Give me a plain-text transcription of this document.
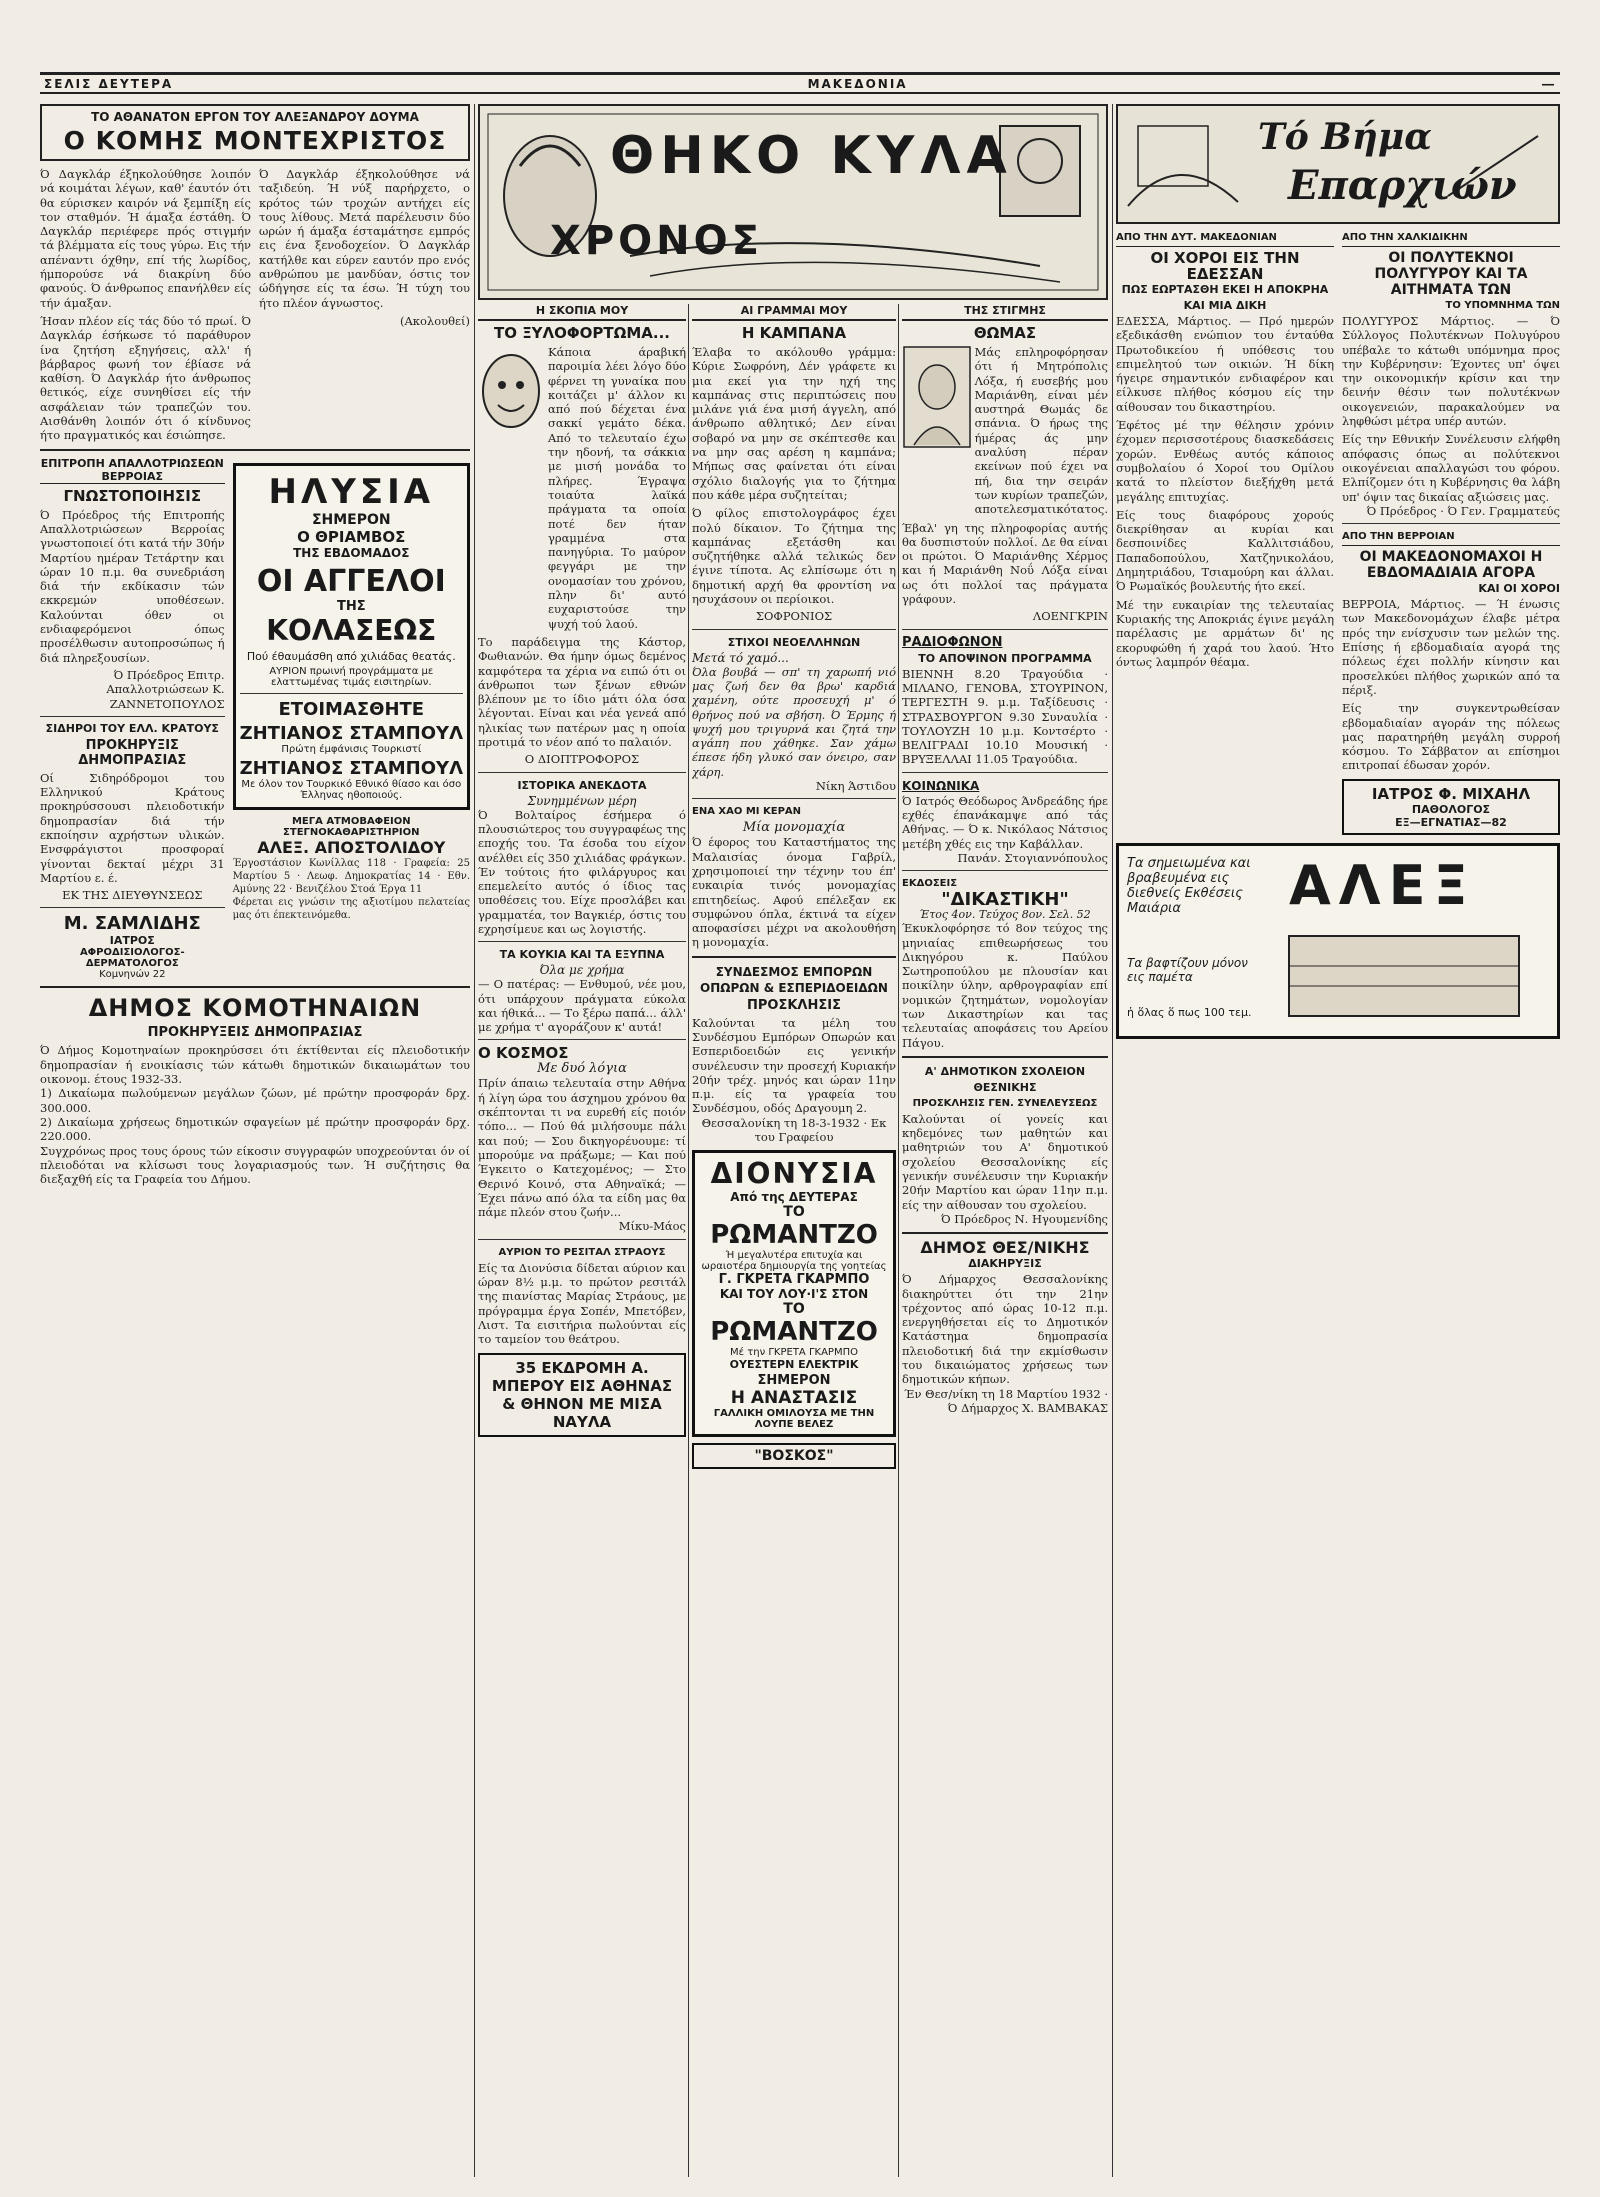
ΣΕΛΙΣ ΔΕΥΤΕΡΑ	ΜΑΚΕΔΟΝΙΑ	―
ΤΟ ΑΘΑΝΑΤΟΝ ΕΡΓΟΝ ΤΟΥ ΑΛΕΞΑΝΔΡΟΥ ΔΟΥΜΑ
Ο ΚΟΜΗΣ ΜΟΝΤΕΧΡΙΣΤΟΣ

Ό Δαγκλάρ έξηκολούθησε λοιπόν νά κοιμάται λέγων, καθ' έαυτόν ότι θα εύρισκεν καιρόν νά ξεμπίξη είς τον σταθμόν. Ή άμαξα έστάθη. Ό Δαγκλάρ περιέφερε πρός στιγμήν τά βλέμματα είς τους γύρω. Εις τήν απέναντι όχθην, επί τής λωρίδος, ήμπορούσε νά διακρίνη δύο φανούς. Ό άνθρωπος επανήλθεν είς τήν άμαξαν.

Ήσαν πλέον είς τάς δύο τό πρωί. Ό Δαγκλάρ έσήκωσε τό παράθυρον ίνα ζητήση εξηγήσεις, αλλ' ή βάρβαρος φωνή τον έβίασε νά καθίση. Ό Δαγκλάρ ήτο άνθρωπος θετικός, είχε συνηθίσει είς τήν ασφάλειαν τών τραπεζών του. Αισθάνθη λοιπόν ότι ό κίνδυνος ήτο πραγματικός και έσιώπησε.

Ό Δαγκλάρ έξηκολούθησε νά ταξιδεύη. Ή νύξ παρήρχετο, ο κρότος τών τροχών αντήχει είς τους λίθους. Μετά παρέλευσιν δύο ωρών ή άμαξα έσταμάτησε εμπρός εις ένα ξενοδοχείον. Ό Δαγκλάρ κατήλθε και εύρεν εαυτόν προ ενός ανθρώπου με μανδύαν, όστις τον ώδήγησε είς τα έσω. Ή τύχη του ήτο πλέον άγνωστος.

(Ακολουθεί)

ΕΠΙΤΡΟΠΗ ΑΠΑΛΛΟΤΡΙΩΣΕΩΝ ΒΕΡΡΟΙΑΣ
ΓΝΩΣΤΟΠΟΙΗΣΙΣ

Ό Πρόεδρος τής Επιτροπής Απαλλοτριώσεων Βερροίας γνωστοποιεί ότι κατά τήν 30ήν Μαρτίου ημέραν Τετάρτην και ώραν 10 π.μ. θα συνεδριάση διά τήν εκδίκασιν τών εκκρεμών υποθέσεων. Καλούνται όθεν οι ενδιαφερόμενοι όπως προσέλθωσιν αυτοπροσώπως ή διά πληρεξουσίων.

Ό Πρόεδρος Επιτρ. Απαλλοτριώσεων Κ. ΖΑΝΝΕΤΟΠΟΥΛΟΣ

ΣΙΔΗΡΟΙ ΤΟΥ ΕΛΛ. ΚΡΑΤΟΥΣ
ΠΡΟΚΗΡΥΞΙΣ ΔΗΜΟΠΡΑΣΙΑΣ

Οί Σιδηρόδρομοι του Ελληνικού Κράτους προκηρύσσουσι πλειοδοτικήν δημοπρασίαν διά τήν εκποίησιν αχρήστων υλικών. Ενσφράγιστοι προσφοραί γίνονται δεκταί μέχρι 31 Μαρτίου ε. έ.

ΕΚ ΤΗΣ ΔΙΕΥΘΥΝΣΕΩΣ

Μ. ΣΑΜΛΙΔΗΣ
ΙΑΤΡΟΣ
ΑΦΡΟΔΙΣΙΟΛΟΓΟΣ-ΔΕΡΜΑΤΟΛΟΓΟΣ
Κομνηνών 22
ΗΛΥΣΙΑ
ΣΗΜΕΡΟΝ
Ο ΘΡΙΑΜΒΟΣ
ΤΗΣ ΕΒΔΟΜΑΔΟΣ
ΟΙ ΑΓΓΕΛΟΙ
ΤΗΣ
ΚΟΛΑΣΕΩΣ
Πού έθαυμάσθη από χιλιάδας θεατάς.
ΑΥΡΙΟΝ πρωινή προγράμματα με ελαττωμένας τιμάς εισιτηρίων.
ΕΤΟΙΜΑΣΘΗΤΕ
ΖΗΤΙΑΝΟΣ ΣΤΑΜΠΟΥΛ
Πρώτη έμφάνισις Τουρκιστί
ΖΗΤΙΑΝΟΣ ΣΤΑΜΠΟΥΛ
Με όλον τον Τουρκικό Εθνικό θίασο και όσο Έλληνας ηθοποιούς.
ΜΕΓΑ ΑΤΜΟΒΑΦΕΙΟΝ
ΣΤΕΓΝΟΚΑΘΑΡΙΣΤΗΡΙΟΝ
ΑΛΕΞ. ΑΠΟΣΤΟΛΙΔΟΥ

Έργοστάσιον Κωνίλλας 118 · Γραφεία: 25 Μαρτίου 5 · Λεωφ. Δημοκρατίας 14 · Εθν. Αμύνης 22 · Βενιζέλου Στοά Έργα 11

Φέρεται εις γνώσιν της αξιοτίμου πελατείας μας ότι έπεκτεινόμεθα.

ΔΗΜΟΣ ΚΟΜΟΤΗΝΑΙΩΝ
ΠΡΟΚΗΡΥΞΕΙΣ ΔΗΜΟΠΡΑΣΙΑΣ

Ό Δήμος Κομοτηναίων προκηρύσσει ότι έκτίθενται είς πλειοδοτικήν δημοπρασίαν ή ενοικίασις τών κάτωθι δημοτικών δικαιωμάτων του οικονομ. έτους 1932-33.

1) Δικαίωμα πωλούμενων μεγάλων ζώων, μέ πρώτην προσφοράν δρχ. 300.000.

2) Δικαίωμα χρήσεως δημοτικών σφαγείων μέ πρώτην προσφοράν δρχ. 220.000.

Συγχρόνως προς τους όρους τών είκοσιν συγγραφών υποχρεούνται όν οί πλειοδόται να κλίσωσι τους λογαριασμούς των. Ή συζήτησις θα διεξαχθή είς τα Γραφεία του Δήμου.

ΘΗΚΟ ΚΥΛΑ
ΧΡΟΝΟΣ
Η ΣΚΟΠΙΑ ΜΟΥ
ΤΟ ΞΥΛΟΦΟΡΤΩΜΑ...

Κάποια άραβική παροιμία λέει λόγο δύο φέρνει τη γυναίκα που κοιτάζει μ' άλλον κι από πού δέχεται ένα σακκί γεμάτο δέκα. Από το τελευταίο έχω την ηδονή, τα σάκκια με μισή μονάδα το πλήρες. Έγραψα τοιαύτα λαϊκά πράγματα τα οποία ποτέ δεν ήταν γραμμένα στα πανηγύρια. Το μαύρον φεγγάρι με την ονομασίαν του χρόνου, πλην δι' αυτό ευχαριστούσε την ψυχή τού λαού.

Το παράδειγμα της Κάστορ, Φωθιανών. Θα ήμην όμως δεμένος καμφότερα τα χέρια να ειπώ ότι οι άνθρωποι των ξένων εθνών βλέπουν με το ίδιο μάτι όλα όσα λέγονται. Είναι και νέα γενεά από ηλικίας των πατέρων μας η οποία προτιμά το νέον από το παλαιόν.

Ο ΔΙΟΠΤΡΟΦΟΡΟΣ

ΙΣΤΟΡΙΚΑ ΑΝΕΚΔΟΤΑ
Συνημμένων μέρη

Ό Βολταίρος έσήμερα ό πλουσιώτερος του συγγραφέως της εποχής του. Τα έσοδα του είχον ανέλθει είς 350 χιλιάδας φράγκων. Έν τούτοις ήτο φιλάργυρος και επεμελείτο αυτός ό ίδιος τας υποθέσεις του. Είχε προσλάβει και γραμματέα, τον Βαγκιέρ, όστις του εχρησίμευε και ως λογιστής.

ΤΑ ΚΟΥΚΙΑ ΚΑΙ ΤΑ ΕΞΥΠΝΑ
Όλα με χρήμα

— Ο πατέρας: — Ενθυμού, νέε μου, ότι υπάρχουν πράγματα εύκολα και ήθικά... — Το ξέρω παπά... άλλ' με χρήμα τ' αγοράζουν κ' αυτά!

Ο ΚΟΣΜΟΣ
Με δυό λόγια

Πρίν άπαιω τελευταία στην Αθήνα ή λίγη ώρα του άσχημου χρόνου θα σκέπτονται τι να ευρεθή είς ποιόν τόπο... — Πού θά μιλήσουμε πάλι και πού; — Σου δικηγορέυουμε: τί μπορούμε να πράξωμε; — Και πού Έγκειτο ο Κατεχομένος; — Στο Θερινό Κοινό, στα Αθηναϊκά; — Έχει πάνω από όλα τα είδη μας θα πάμε πλεόν στου ζωήν...

Μίκυ-Μάος

ΑΥΡΙΟΝ ΤΟ ΡΕΣΙΤΑΛ ΣΤΡΑΟΥΣ

Είς τα Διονύσια δίδεται αύριον και ώραν 8½ μ.μ. το πρώτον ρεσιτάλ της πιανίστας Μαρίας Στράους, με πρόγραμμα έργα Σοπέν, Μπετόβεν, Λιστ. Τα εισιτήρια πωλούνται είς το ταμείον του θεάτρου.

35 ΕΚΔΡΟΜΗ Α. ΜΠΕΡΟΥ ΕΙΣ ΑΘΗΝΑΣ & ΘΗΝΟΝ ΜΕ ΜΙΣΑ ΝΑΥΛΑ
ΑΙ ΓΡΑΜΜΑΙ ΜΟΥ
Η ΚΑΜΠΑΝΑ

Έλαβα το ακόλουθο γράμμα: Κύριε Σωφρόνη, Δέν γράφετε κι μια εκεί για την ηχή της καμπάνας στις περιπτώσεις που μιλάνε γιά ένα μισή άγγελη, από άνθρωπο αθλητικό; Δεν είναι σοβαρό να μην σε σκέπτεσθε και να μην σας αρέση η καμπάνα; Μήπως σας φαίνεται ότι είναι σχόλιο διαλογής για το ζήτημα που κάθε μέρα συζητείται;

Ό φίλος επιστολογράφος έχει πολύ δίκαιον. Το ζήτημα της καμπάνας εξετάσθη και συζητήθηκε αλλά τελικώς δεν έγινε τίποτα. Ας ελπίσωμε ότι η δημοτική αρχή θα φροντίση να ησυχάσουν οι περίοικοι.

ΣΟΦΡΟΝΙΟΣ

ΣΤΙΧΟΙ ΝΕΟΕΛΛΗΝΩΝ
Μετά τό χαμό...

Όλα βουβά — σπ' τη χαρωπή νιό μας ζωή δεν θα βρω' καρδιά χαμένη, ούτε προσευχή μ' ό θρήνος πού να σβήση. Ό Έρμης ή ψυχή μου τριγυρνά και ζητά την αγάπη που χάθηκε. Σαν χάμω έπεσε ήδη γλυκό σαν όνειρο, σαν χάρη.

Νίκη Άστιδου

ΕΝΑ ΧΑΟ ΜΙ ΚΕΡΑΝ
Μία μονομαχία

Ό έφορος του Καταστήματος της Μαλαισίας όνομα Γαβρίλ, χρησιμοποιεί την τέχνην του έπ' ευκαιρία τινός μονομαχίας επιτηδείως. Αφού επέλεξαν εκ συμφώνου όπλα, έκτινά τα είχεν αποφασίσει μέχρι να ακολουθήση η μονομαχία.

ΣΥΝΔΕΣΜΟΣ ΕΜΠΟΡΩΝ ΟΠΩΡΩΝ & ΕΣΠΕΡΙΔΟΕΙΔΩΝ
ΠΡΟΣΚΛΗΣΙΣ

Καλούνται τα μέλη του Συνδέσμου Εμπόρων Οπωρών και Εσπεριδοειδών εις γενικήν συνέλευσιν την προσεχή Κυριακήν 20ήν τρέχ. μηνός και ώραν 11ην π.μ. είς τα γραφεία του Συνδέσμου, οδός Δραγουμη 2.

Θεσσαλονίκη τη 18-3-1932 · Εκ του Γραφείου

ΔΙΟΝΥΣΙΑ
Από της ΔΕΥΤΕΡΑΣ
ΤΟ
ΡΩΜΑΝΤΖΟ
Ή μεγαλυτέρα επιτυχία και ωραιοτέρα δημιουργία της γοητείας
Γ. ΓΚΡΕΤΑ ΓΚΑΡΜΠΟ
ΚΑΙ ΤΟΥ ΛΟΥ·Ι'Σ ΣΤΟΝ
ΤΟ
ΡΩΜΑΝΤΖΟ
Μέ την ΓΚΡΕΤΑ ΓΚΑΡΜΠΟ
ΟΥΕΣΤΕΡΝ ΕΛΕΚΤΡΙΚ
ΣΗΜΕΡΟΝ
Η ΑΝΑΣΤΑΣΙΣ
ΓΑΛΛΙΚΗ ΟΜΙΛΟΥΣΑ ΜΕ ΤΗΝ ΛΟΥΠΕ ΒΕΛΕΖ
"ΒΟΣΚΟΣ"
ΤΗΣ ΣΤΙΓΜΗΣ
ΘΩΜΑΣ

Μάς επληροφόρησαν ότι ή Μητρόπολις Λόξα, ή ευσεβής μου Μαριάνθη, είναι μέν αυστηρά Θωμάς δε σπάνια. Ό ήρως της ήμέρας άς μην αναλύση πέραν εκείνων πού έχει να πή, δια την σειράν των κυρίων τραπεζών, αποτελεσματικότατος.

Έβαλ' γη της πληροφορίας αυτής θα δυσπιστούν πολλοί. Δε θα είναι οι πρώτοι. Ό Μαριάνθης Χέρμος και ή Μαριάνθη Νοΰ Λόξα είναι ως ότι πολλοί τας πράγματα γράφουν.

ΛΟΕΝΓΚΡΙΝ

ΡΑΔΙΟΦΩΝΟΝ
ΤΟ ΑΠΟΨΙΝΟΝ ΠΡΟΓΡΑΜΜΑ

ΒΙΕΝΝΗ 8.20 Τραγούδια · ΜΙΛΑΝΟ, ΓΕΝΟΒΑ, ΣΤΟΥΡΙΝΟΝ, ΤΕΡΓΕΣΤΗ 9. μ.μ. Ταξίδευσις · ΣΤΡΑΣΒΟΥΡΓΟΝ 9.30 Συναυλία · ΤΟΥΛΟΥΖΗ 10 μ.μ. Κοντσέρτο · ΒΕΛΙΓΡΑΔΙ 10.10 Μουσική · ΒΡΥΞΕΛΛΑΙ 11.05 Τραγούδια.

ΚΟΙΝΩΝΙΚΑ

Ό Ιατρός Θεόδωρος Άνδρεάδης ήρε εχθές έπανάκαμψε από τάς Αθήνας. — Ό κ. Νικόλαος Νάτσιος μετέβη χθές εις την Καβάλλαν.

Πανάν. Στογιαννόπουλος

ΕΚΔΟΣΕΙΣ
"ΔΙΚΑΣΤΙΚΗ"
Έτος 4ον. Τεύχος 8ον. Σελ. 52

Έκυκλοφόρησε τό 8ον τεύχος της μηνιαίας επιθεωρήσεως του Δικηγόρου κ. Παύλου Σωτηροπούλου με πλουσίαν και ποικίλην ύλην, αρθρογραφίαν επί νομικών ζητημάτων, νομολογίαν των Δικαστηρίων και τας τελευταίας αποφάσεις του Αρείου Πάγου.

Α' ΔΗΜΟΤΙΚΟΝ ΣΧΟΛΕΙΟΝ ΘΕΣΝΙΚΗΣ
ΠΡΟΣΚΛΗΣΙΣ ΓΕΝ. ΣΥΝΕΛΕΥΣΕΩΣ

Καλούνται οί γονείς και κηδεμόνες των μαθητών και μαθητριών του Α' δημοτικού σχολείου Θεσσαλονίκης είς γενικήν συνέλευσιν την Κυριακήν 20ήν Μαρτίου και ώραν 11ην π.μ. είς την αίθουσαν του σχολείου.

Ό Πρόεδρος Ν. Ηγουμενίδης

ΔΗΜΟΣ ΘΕΣ/ΝΙΚΗΣ
ΔΙΑΚΗΡΥΞΙΣ

Ό Δήμαρχος Θεσσαλονίκης διακηρύττει ότι την 21ην τρέχοντος από ώρας 10-12 π.μ. ενεργηθήσεται είς το Δημοτικόν Κατάστημα δημοπρασία πλειοδοτική διά την εκμίσθωσιν του δικαιώματος χρήσεως των δημοτικών κήπων.

Έν Θεσ/νίκη τη 18 Μαρτίου 1932 · Ό Δήμαρχος Χ. ΒΑΜΒΑΚΑΣ

Τό Βήμα
Επαρχιών
ΑΠΟ ΤΗΝ ΔΥΤ. ΜΑΚΕΔΟΝΙΑΝ
ΟΙ ΧΟΡΟΙ ΕΙΣ ΤΗΝ ΕΔΕΣΣΑΝ
ΠΩΣ ΕΩΡΤΑΣΘΗ ΕΚΕΙ Η ΑΠΟΚΡΗΑ
ΚΑΙ ΜΙΑ ΔΙΚΗ

ΕΔΕΣΣΑ, Μάρτιος. — Πρό ημερών εξεδικάσθη ενώπιον του ένταύθα Πρωτοδικείου ή υπόθεσις του επιμελητού των οικιών. Ή δίκη ήγειρε σημαντικόν ενδιαφέρον και είλκυσε πλήθος κόσμου είς την αίθουσαν του δικαστηρίου.

Έφέτος μέ την θέλησιν χρόνιν έχομεν περισσοτέρους διασκεδάσεις χορών. Ενθέως αυτός κάποιος συμβολαίου ό Χοροί του Ομίλου κατά το πλείστον διεξήχθη μετά μεγάλης επιτυχίας.

Είς τους διαφόρους χορούς διεκρίθησαν αι κυρίαι και δεσποινίδες Καλλιτσιάδου, Παπαδοπούλου, Χατζηνικολάου, Δημητριάδου, Τσιαμούρη και άλλαι. Ό Ρωμαϊκός βουλευτής ήτο εκεί.

Μέ την ευκαιρίαν της τελευταίας Κυριακής της Αποκριάς έγινε μεγάλη παρέλασις με αρμάτων δι' ης εκορυφώθη ή χαρά του λαού. Ήτο όντως λαμπρόν θέαμα.

ΑΠΟ ΤΗΝ ΧΑΛΚΙΔΙΚΗΝ
ΟΙ ΠΟΛΥΤΕΚΝΟΙ ΠΟΛΥΓΥΡΟΥ ΚΑΙ ΤΑ ΑΙΤΗΜΑΤΑ ΤΩΝ
ΤΟ ΥΠΟΜΝΗΜΑ ΤΩΝ

ΠΟΛΥΓΥΡΟΣ Μάρτιος. — Ό Σύλλογος Πολυτέκνων Πολυγύρου υπέβαλε το κάτωθι υπόμνημα προς την Κυβέρνησιν: Έχοντες υπ' όψει την οικονομικήν κρίσιν και την δεινήν θέσιν των πολυτέκνων οικογενειών, παρακαλούμεν να ληφθώσι μέτρα υπέρ αυτών.

Είς την Εθνικήν Συνέλευσιν ελήφθη απόφασις όπως αι πολύτεκνοι οικογένειαι απαλλαγώσι του φόρου. Ελπίζομεν ότι η Κυβέρνησις θα λάβη υπ' όψιν τας δικαίας αξιώσεις μας.

Ό Πρόεδρος · Ό Γεν. Γραμματεύς

ΑΠΟ ΤΗΝ ΒΕΡΡΟΙΑΝ
ΟΙ ΜΑΚΕΔΟΝΟΜΑΧΟΙ Η ΕΒΔΟΜΑΔΙΑΙΑ ΑΓΟΡΑ
ΚΑΙ ΟΙ ΧΟΡΟΙ

ΒΕΡΡΟΙΑ, Μάρτιος. — Ή ένωσις των Μακεδονομάχων έλαβε μέτρα πρός την ενίσχυσιν των μελών της. Επίσης ή εβδομαδιαία αγορά της πόλεως έχει πολλήν κίνησιν και προσελκύει πλήθος χωρικών από τα πέριξ.

Είς την συγκεντρωθείσαν εβδομαδιαίαν αγοράν της πόλεως μας παρατηρήθη μεγάλη συρροή κόσμου. Το Σάββατον αι επίσημοι επιτροπαί έδωσαν χορόν.

ΙΑΤΡΟΣ Φ. ΜΙΧΑΗΛ
ΠΑΘΟΛΟΓΟΣ
ΕΞ—ΕΓΝΑΤΙΑΣ—82
Τα σημειωμένα και βραβευμένα εις διεθνείς Εκθέσεις Μαιάρια	ΑΛΕΞ
Τα βαφτίζουν μόνον εις παμέτα
ἡ ὅλας ὅ πως 100 τεμ.
